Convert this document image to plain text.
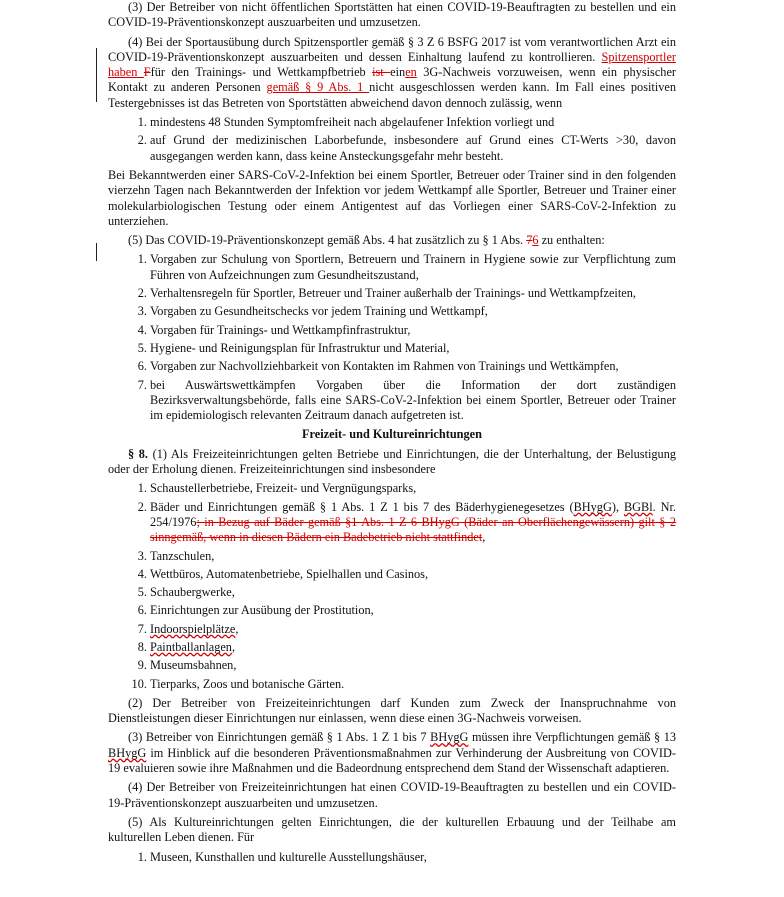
(3) Der Betreiber von nicht öffentlichen Sportstätten hat einen COVID-19-Beauftragten zu bestellen und ein COVID-19-Präventionskonzept auszuarbeiten und umzusetzen.

(4) Bei der Sportausübung durch Spitzensportler gemäß § 3 Z 6 BSFG 2017 ist vom verantwortlichen Arzt ein COVID-19-Präventionskonzept auszuarbeiten und dessen Einhaltung laufend zu kontrollieren. Spitzensportler haben Ffür den Trainings- und Wettkampfbetrieb ist einen 3G-Nachweis vorzuweisen, wenn ein physischer Kontakt zu anderen Personen gemäß § 9 Abs. 1 nicht ausgeschlossen werden kann. Im Fall eines positiven Testergebnisses ist das Betreten von Sportstätten abweichend davon dennoch zulässig, wenn

1. mindestens 48 Stunden Symptomfreiheit nach abgelaufener Infektion vorliegt und
2. auf Grund der medizinischen Laborbefunde, insbesondere auf Grund eines CT-Werts >30, davon ausgegangen werden kann, dass keine Ansteckungsgefahr mehr besteht.

Bei Bekanntwerden einer SARS-CoV-2-Infektion bei einem Sportler, Betreuer oder Trainer sind in den folgenden vierzehn Tagen nach Bekanntwerden der Infektion vor jedem Wettkampf alle Sportler, Betreuer und Trainer einer molekularbiologischen Testung oder einem Antigentest auf das Vorliegen einer SARS-CoV-2-Infektion zu unterziehen.

(5) Das COVID-19-Präventionskonzept gemäß Abs. 4 hat zusätzlich zu § 1 Abs. 76 zu enthalten:

1. Vorgaben zur Schulung von Sportlern, Betreuern und Trainern in Hygiene sowie zur Verpflichtung zum Führen von Aufzeichnungen zum Gesundheitszustand,
2. Verhaltensregeln für Sportler, Betreuer und Trainer außerhalb der Trainings- und Wettkampfzeiten,
3. Vorgaben zu Gesundheitschecks vor jedem Training und Wettkampf,
4. Vorgaben für Trainings- und Wettkampfinfrastruktur,
5. Hygiene- und Reinigungsplan für Infrastruktur und Material,
6. Vorgaben zur Nachvollziehbarkeit von Kontakten im Rahmen von Trainings und Wettkämpfen,
7. bei Auswärtswettkämpfen Vorgaben über die Information der dort zuständigen Bezirksverwaltungsbehörde, falls eine SARS-CoV-2-Infektion bei einem Sportler, Betreuer oder Trainer im epidemiologisch relevanten Zeitraum danach aufgetreten ist.

Freizeit- und Kultureinrichtungen

§ 8. (1) Als Freizeiteinrichtungen gelten Betriebe und Einrichtungen, die der Unterhaltung, der Belustigung oder der Erholung dienen. Freizeiteinrichtungen sind insbesondere

1. Schaustellerbetriebe, Freizeit- und Vergnügungsparks,
2. Bäder und Einrichtungen gemäß § 1 Abs. 1 Z 1 bis 7 des Bäderhygienegesetzes (BHygG), BGBl. Nr. 254/1976; in Bezug auf Bäder gemäß §1 Abs. 1 Z 6 BHygG (Bäder an Oberflächengewässern) gilt § 2 sinngemäß, wenn in diesen Bädern ein Badebetrieb nicht stattfindet,
3. Tanzschulen,
4. Wettbüros, Automatenbetriebe, Spielhallen und Casinos,
5. Schaubergwerke,
6. Einrichtungen zur Ausübung der Prostitution,
7. Indoorspielplätze,
8. Paintballanlagen,
9. Museumsbahnen,
10. Tierparks, Zoos und botanische Gärten.

(2) Der Betreiber von Freizeiteinrichtungen darf Kunden zum Zweck der Inanspruchnahme von Dienstleistungen dieser Einrichtungen nur einlassen, wenn diese einen 3G-Nachweis vorweisen.

(3) Betreiber von Einrichtungen gemäß § 1 Abs. 1 Z 1 bis 7 BHygG müssen ihre Verpflichtungen gemäß § 13 BHygG im Hinblick auf die besonderen Präventionsmaßnahmen zur Verhinderung der Ausbreitung von COVID-19 evaluieren sowie ihre Maßnahmen und die Badeordnung entsprechend dem Stand der Wissenschaft adaptieren.

(4) Der Betreiber von Freizeiteinrichtungen hat einen COVID-19-Beauftragten zu bestellen und ein COVID-19-Präventionskonzept auszuarbeiten und umzusetzen.

(5) Als Kultureinrichtungen gelten Einrichtungen, die der kulturellen Erbauung und der Teilhabe am kulturellen Leben dienen. Für

1. Museen, Kunsthallen und kulturelle Ausstellungshäuser,
